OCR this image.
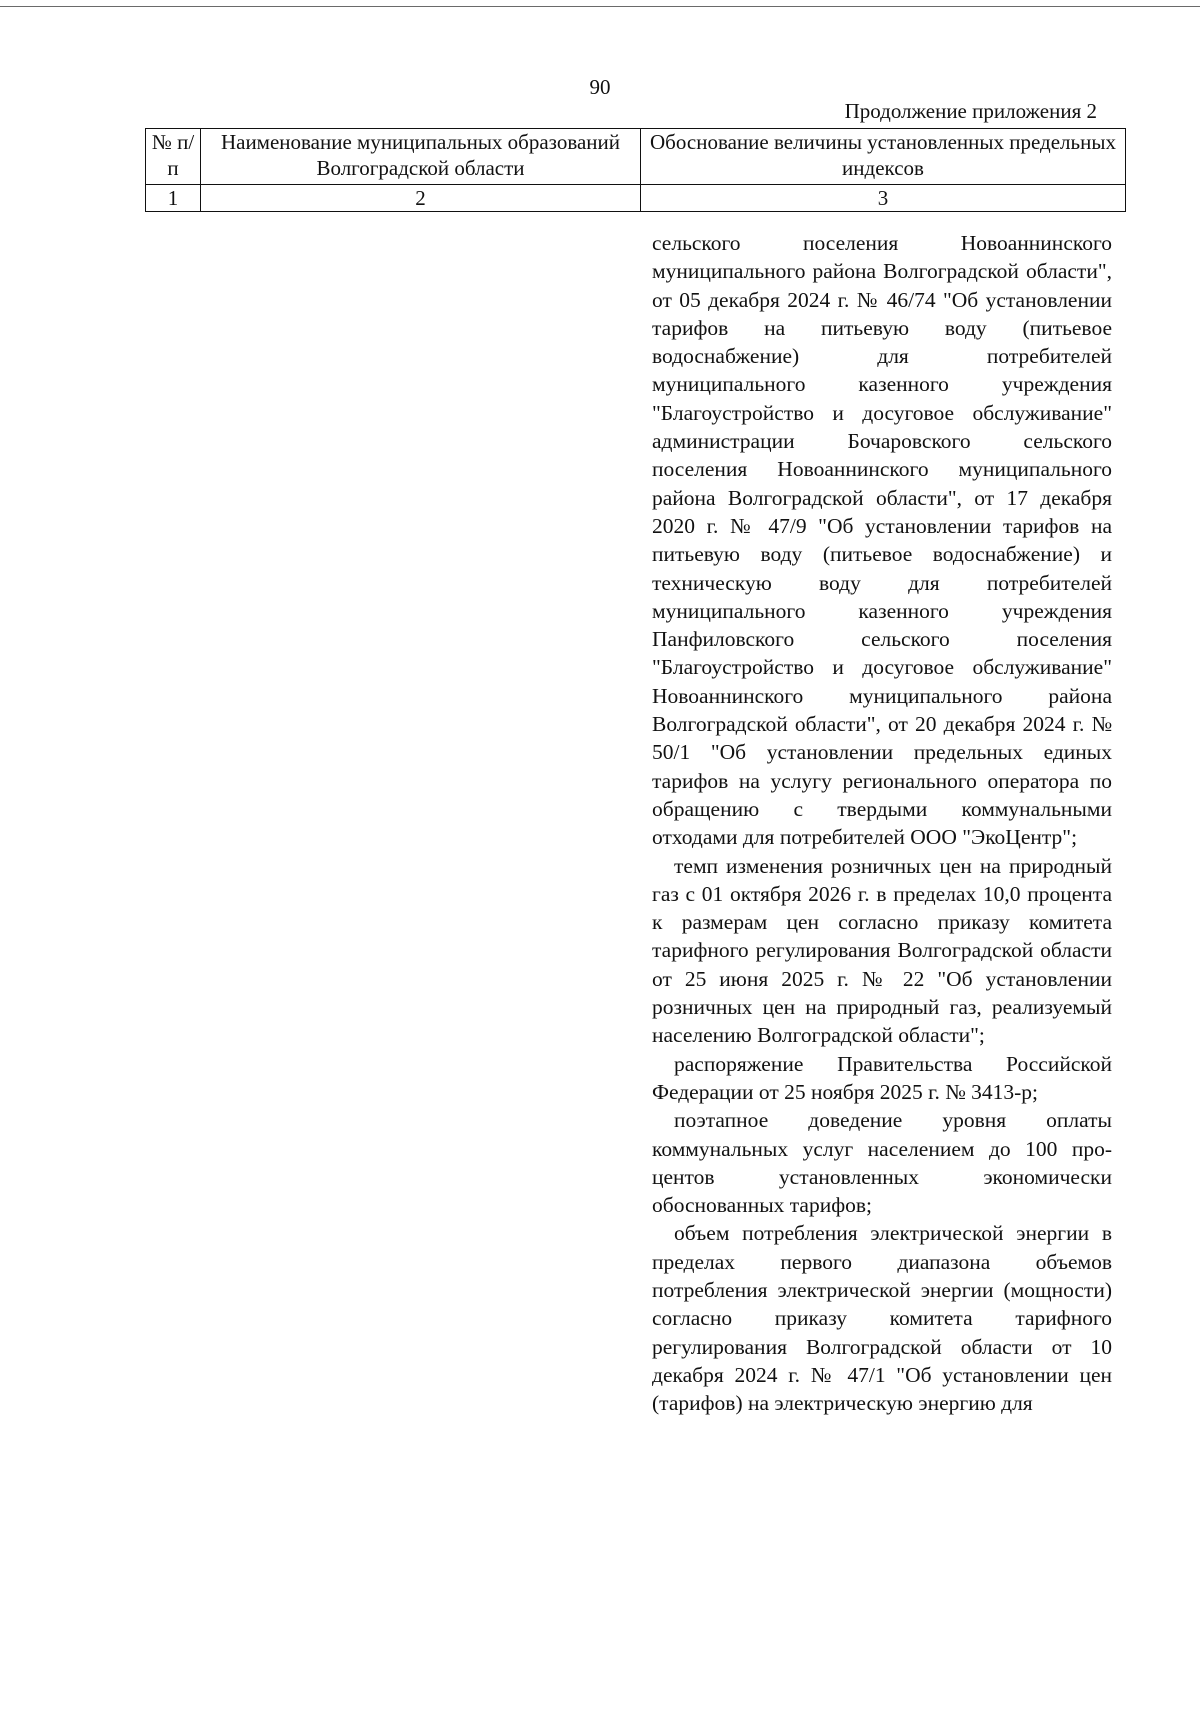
90
Продолжение приложения 2
№ п/п	Наименование муниципальных образований Волгоградской области	Обоснование величины установленных предельных индексов
1	2	3

сельского поселения Новоаннинского муниципального района Волгоградской области", от 05 декабря 2024 г. № 46/74 "Об установлении тарифов на питьевую воду (питьевое водоснабжение) для потребителей муниципального казенного учреждения "Благоустройство и досуговое обслуживание" администрации Бочаровского сельского поселения Новоаннинского муниципального района Волгоградской области", от 17 декабря 2020 г. № 47/9 "Об установлении тарифов на питьевую воду (питьевое водоснабжение) и техническую воду для потребителей муниципального казенного учреждения Панфиловского сельского поселения "Благоустройство и досуговое обслуживание" Новоаннинского муниципального района Волгоградской области", от 20 декабря 2024 г. № 50/1 "Об установлении предельных единых тарифов на услугу регионального оператора по обращению с твердыми коммунальными отходами для потребителей ООО "ЭкоЦентр";

темп изменения розничных цен на природный газ с 01 октября 2026 г. в пределах 10,0 процента к размерам цен согласно приказу комитета тарифного регулирования Волгоградской области от 25 июня 2025 г. № 22 "Об установлении розничных цен на природный газ, реализуемый населению Волгоградской области";

распоряжение Правительства Российской Федерации от 25 ноября 2025 г. № 3413-р;

поэтапное доведение уровня оплаты коммунальных услуг населением до 100 процентов установленных экономически обоснованных тарифов;

объем потребления электрической энергии в пределах первого диапазона объемов потребления электрической энергии (мощности) согласно приказу комитета тарифного регулирования Волгоградской области от 10 декабря 2024 г. № 47/1 "Об установлении цен (тарифов) на электрическую энергию для
